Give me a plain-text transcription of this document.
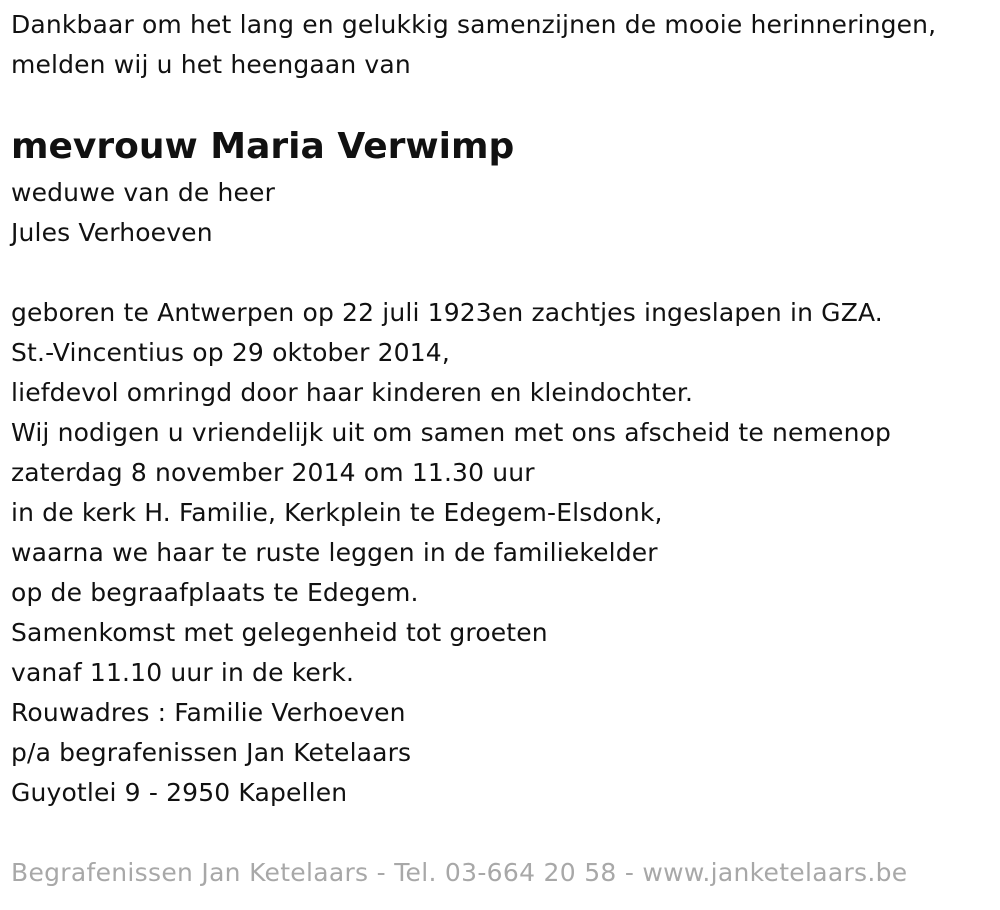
Dankbaar om het lang en gelukkig samenzijnen de mooie herinneringen,
melden wij u het heengaan van
mevrouw Maria Verwimp
weduwe van de heer
Jules Verhoeven
geboren te Antwerpen op 22 juli 1923en zachtjes ingeslapen in GZA.
St.-Vincentius op 29 oktober 2014,
liefdevol omringd door haar kinderen en kleindochter.
Wij nodigen u vriendelijk uit om samen met ons afscheid te nemenop
zaterdag 8 november 2014 om 11.30 uur
in de kerk H. Familie, Kerkplein te Edegem-Elsdonk,
waarna we haar te ruste leggen in de familiekelder
op de begraafplaats te Edegem.
Samenkomst met gelegenheid tot groeten
vanaf 11.10 uur in de kerk.
Rouwadres : Familie Verhoeven
p/a begrafenissen Jan Ketelaars
Guyotlei 9 - 2950 Kapellen
Begrafenissen Jan Ketelaars - Tel. 03-664 20 58 - www.janketelaars.be
